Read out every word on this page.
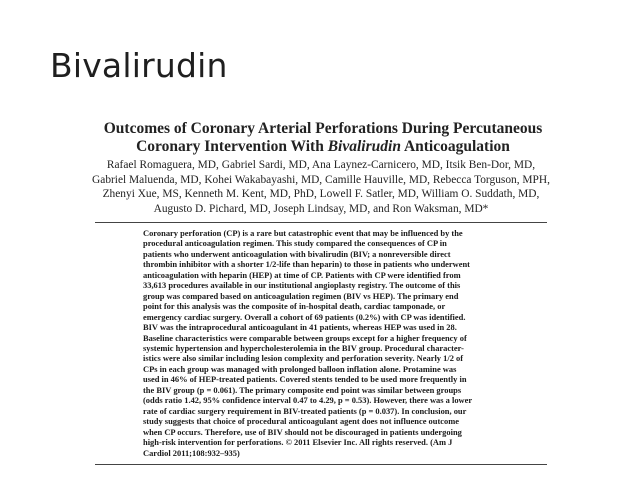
Bivalirudin
Outcomes of Coronary Arterial Perforations During Percutaneous
Coronary Intervention With Bivalirudin Anticoagulation
Rafael Romaguera, MD, Gabriel Sardi, MD, Ana Laynez-Carnicero, MD, Itsik Ben-Dor, MD,
Gabriel Maluenda, MD, Kohei Wakabayashi, MD, Camille Hauville, MD, Rebecca Torguson, MPH,
Zhenyi Xue, MS, Kenneth M. Kent, MD, PhD, Lowell F. Satler, MD, William O. Suddath, MD,
Augusto D. Pichard, MD, Joseph Lindsay, MD, and Ron Waksman, MD*
Coronary perforation (CP) is a rare but catastrophic event that may be influenced by the
procedural anticoagulation regimen. This study compared the consequences of CP in
patients who underwent anticoagulation with bivalirudin (BIV; a nonreversible direct
thrombin inhibitor with a shorter 1/2-life than heparin) to those in patients who underwent
anticoagulation with heparin (HEP) at time of CP. Patients with CP were identified from
33,613 procedures available in our institutional angioplasty registry. The outcome of this
group was compared based on anticoagulation regimen (BIV vs HEP). The primary end
point for this analysis was the composite of in-hospital death, cardiac tamponade, or
emergency cardiac surgery. Overall a cohort of 69 patients (0.2%) with CP was identified.
BIV was the intraprocedural anticoagulant in 41 patients, whereas HEP was used in 28.
Baseline characteristics were comparable between groups except for a higher frequency of
systemic hypertension and hypercholesterolemia in the BIV group. Procedural character-
istics were also similar including lesion complexity and perforation severity. Nearly 1/2 of
CPs in each group was managed with prolonged balloon inflation alone. Protamine was
used in 46% of HEP-treated patients. Covered stents tended to be used more frequently in
the BIV group (p = 0.061). The primary composite end point was similar between groups
(odds ratio 1.42, 95% confidence interval 0.47 to 4.29, p = 0.53). However, there was a lower
rate of cardiac surgery requirement in BIV-treated patients (p = 0.037). In conclusion, our
study suggests that choice of procedural anticoagulant agent does not influence outcome
when CP occurs. Therefore, use of BIV should not be discouraged in patients undergoing
high-risk intervention for perforations. © 2011 Elsevier Inc. All rights reserved. (Am J
Cardiol 2011;108:932–935)
